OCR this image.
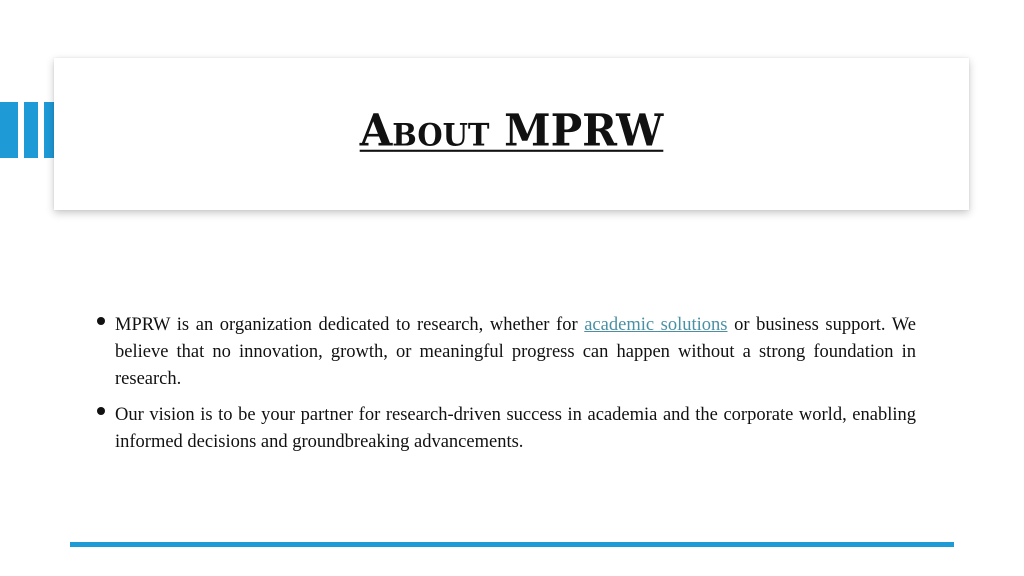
About MPRW
MPRW is an organization dedicated to research, whether for academic solutions or business support. We believe that no innovation, growth, or meaningful progress can happen without a strong foundation in research.
Our vision is to be your partner for research-driven success in academia and the corporate world, enabling informed decisions and groundbreaking advancements.
